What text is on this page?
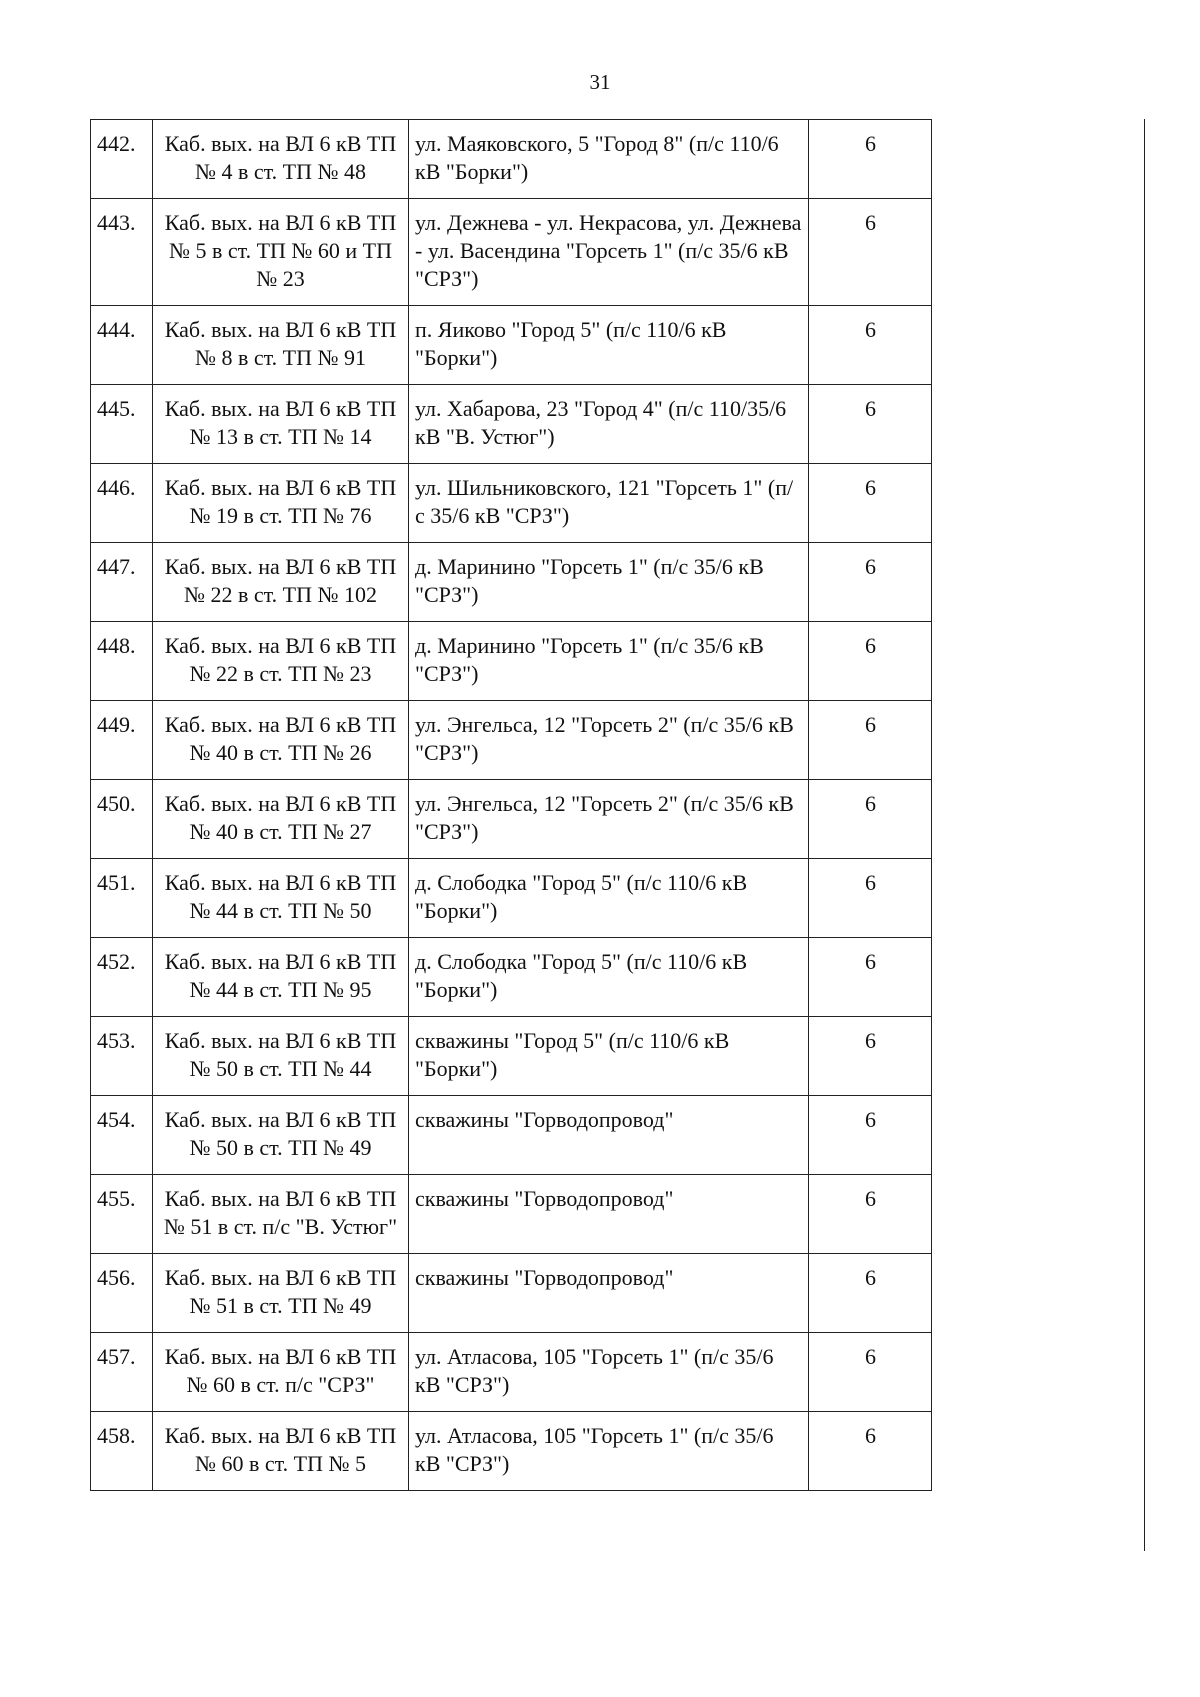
31
442.	Каб. вых. на ВЛ 6 кВ ТП № 4 в ст. ТП № 48	ул. Маяковского, 5 "Город 8" (п/с 110/6 кВ "Борки")	6
443.	Каб. вых. на ВЛ 6 кВ ТП № 5 в ст. ТП № 60 и ТП № 23	ул. Дежнева - ул. Некрасова, ул. Дежнева - ул. Васендина "Горсеть 1" (п/с 35/6 кВ "СРЗ")	6
444.	Каб. вых. на ВЛ 6 кВ ТП № 8 в ст. ТП № 91	п. Яиково "Город 5" (п/с 110/6 кВ "Борки")	6
445.	Каб. вых. на ВЛ 6 кВ ТП № 13 в ст. ТП № 14	ул. Хабарова, 23 "Город 4" (п/с 110/35/6 кВ "В. Устюг")	6
446.	Каб. вых. на ВЛ 6 кВ ТП № 19 в ст. ТП № 76	ул. Шильниковского, 121 "Горсеть 1" (п/с 35/6 кВ "СРЗ")	6
447.	Каб. вых. на ВЛ 6 кВ ТП № 22 в ст. ТП № 102	д. Маринино "Горсеть 1" (п/с 35/6 кВ "СРЗ")	6
448.	Каб. вых. на ВЛ 6 кВ ТП № 22 в ст. ТП № 23	д. Маринино "Горсеть 1" (п/с 35/6 кВ "СРЗ")	6
449.	Каб. вых. на ВЛ 6 кВ ТП № 40 в ст. ТП № 26	ул. Энгельса, 12 "Горсеть 2" (п/с 35/6 кВ "СРЗ")	6
450.	Каб. вых. на ВЛ 6 кВ ТП № 40 в ст. ТП № 27	ул. Энгельса, 12 "Горсеть 2" (п/с 35/6 кВ "СРЗ")	6
451.	Каб. вых. на ВЛ 6 кВ ТП № 44 в ст. ТП № 50	д. Слободка "Город 5" (п/с 110/6 кВ "Борки")	6
452.	Каб. вых. на ВЛ 6 кВ ТП № 44 в ст. ТП № 95	д. Слободка "Город 5" (п/с 110/6 кВ "Борки")	6
453.	Каб. вых. на ВЛ 6 кВ ТП № 50 в ст. ТП № 44	скважины "Город 5" (п/с 110/6 кВ "Борки")	6
454.	Каб. вых. на ВЛ 6 кВ ТП № 50 в ст. ТП № 49	скважины "Горводопровод"	6
455.	Каб. вых. на ВЛ 6 кВ ТП № 51 в ст. п/с "В. Устюг"	скважины "Горводопровод"	6
456.	Каб. вых. на ВЛ 6 кВ ТП № 51 в ст. ТП № 49	скважины "Горводопровод"	6
457.	Каб. вых. на ВЛ 6 кВ ТП № 60 в ст. п/с "СРЗ"	ул. Атласова, 105 "Горсеть 1" (п/с 35/6 кВ "СРЗ")	6
458.	Каб. вых. на ВЛ 6 кВ ТП № 60 в ст. ТП № 5	ул. Атласова, 105 "Горсеть 1" (п/с 35/6 кВ "СРЗ")	6
